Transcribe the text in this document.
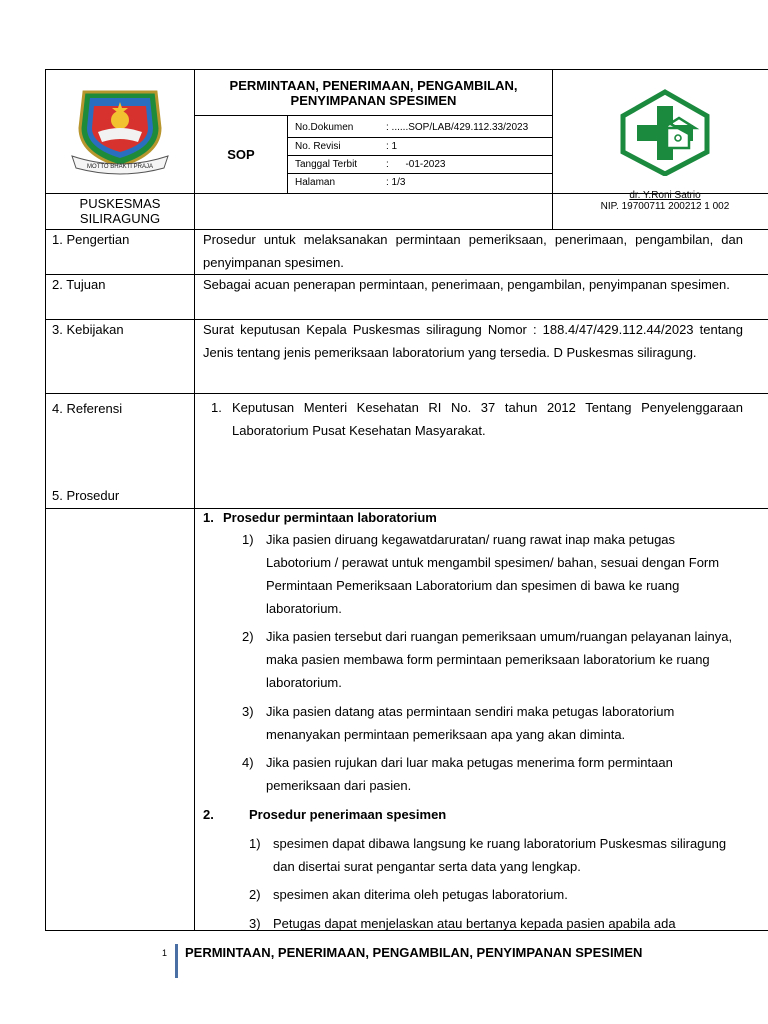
MOTTO BHAKTI PRAJA
PERMINTAAN, PENERIMAAN, PENGAMBILAN, PENYIMPANAN SPESIMEN
SOP
No.Dokumen	: ......SOP/LAB/429.112.33/2023
No. Revisi	: 1
Tanggal Terbit	:      -01-2023
Halaman	: 1/3
PUSKESMAS SILIRAGUNG
dr. Y.Roni Satrio
NIP. 19700711 200212 1 002
1. Pengertian	Prosedur untuk melaksanakan permintaan pemeriksaan, penerimaan, pengambilan, dan penyimpanan spesimen.
2. Tujuan	Sebagai acuan penerapan permintaan, penerimaan, pengambilan, penyimpanan spesimen.
3. Kebijakan	Surat keputusan Kepala Puskesmas siliragung Nomor : 188.4/47/429.112.44/2023 tentang Jenis tentang jenis pemeriksaan laboratorium yang tersedia. D Puskesmas siliragung.
4. Referensi	1. Keputusan Menteri Kesehatan RI No. 37 tahun 2012 Tentang Penyelenggaraan Laboratorium Pusat Kesehatan Masyarakat.
5. Prosedur
1. Prosedur permintaan laboratorium
1) Jika pasien diruang kegawatdaruratan/ ruang rawat inap maka petugas Labotorium / perawat untuk mengambil spesimen/ bahan, sesuai dengan Form Permintaan Pemeriksaan Laboratorium dan spesimen di bawa ke ruang laboratorium.
2) Jika pasien tersebut dari ruangan pemeriksaan umum/ruangan pelayanan lainya, maka pasien membawa form permintaan pemeriksaan laboratorium ke ruang laboratorium.
3) Jika pasien datang atas permintaan sendiri maka petugas laboratorium menanyakan permintaan pemeriksaan apa yang akan diminta.
4) Jika pasien rujukan dari luar maka petugas menerima form permintaan pemeriksaan dari pasien.
2.	Prosedur penerimaan spesimen
1) spesimen dapat dibawa langsung ke ruang laboratorium Puskesmas siliragung dan disertai surat pengantar serta data yang lengkap.
2) spesimen akan diterima oleh petugas laboratorium.
3) Petugas dapat menjelaskan atau bertanya kepada pasien apabila ada
1 PERMINTAAN, PENERIMAAN, PENGAMBILAN, PENYIMPANAN SPESIMEN
